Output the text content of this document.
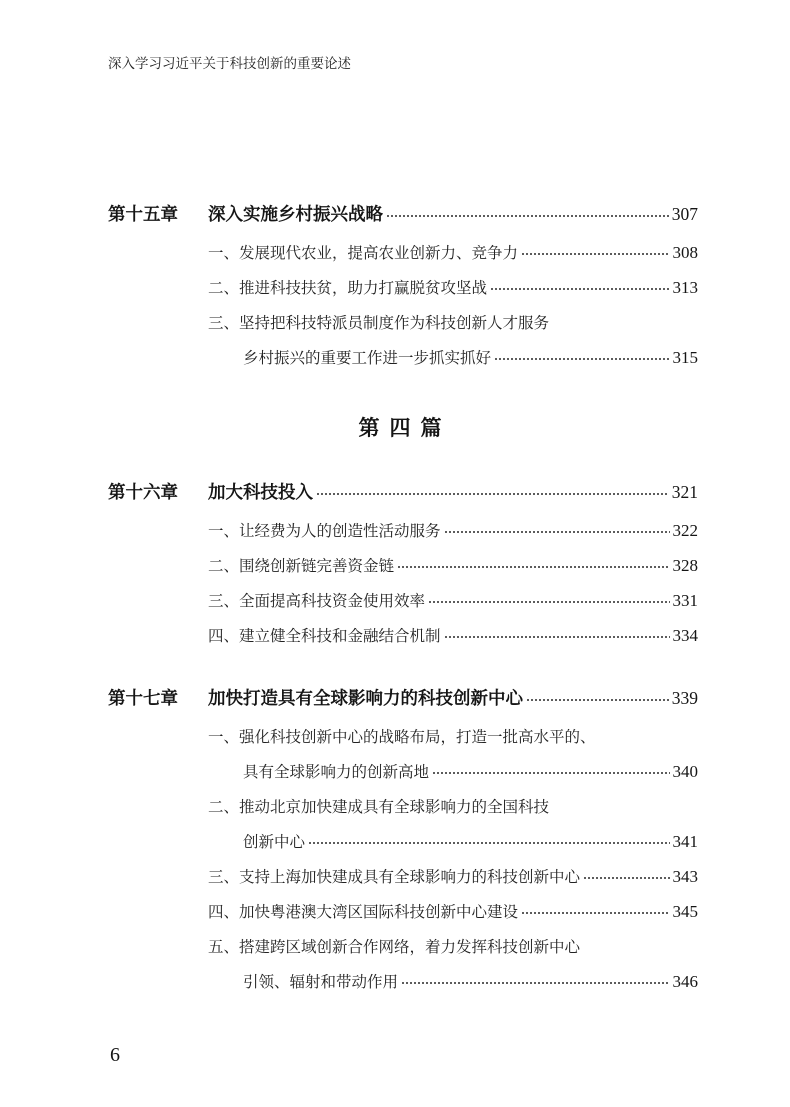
深入学习习近平关于科技创新的重要论述
第十五章	深入实施乡村振兴战略	307
一、发展现代农业，提高农业创新力、竞争力	308
二、推进科技扶贫，助力打赢脱贫攻坚战	313
三、坚持把科技特派员制度作为科技创新人才服务
乡村振兴的重要工作进一步抓实抓好	315
第四篇
第十六章	加大科技投入	321
一、让经费为人的创造性活动服务	322
二、围绕创新链完善资金链	328
三、全面提高科技资金使用效率	331
四、建立健全科技和金融结合机制	334
第十七章	加快打造具有全球影响力的科技创新中心	339
一、强化科技创新中心的战略布局，打造一批高水平的、
具有全球影响力的创新高地	340
二、推动北京加快建成具有全球影响力的全国科技
创新中心	341
三、支持上海加快建成具有全球影响力的科技创新中心	343
四、加快粤港澳大湾区国际科技创新中心建设	345
五、搭建跨区域创新合作网络，着力发挥科技创新中心
引领、辐射和带动作用	346
6
